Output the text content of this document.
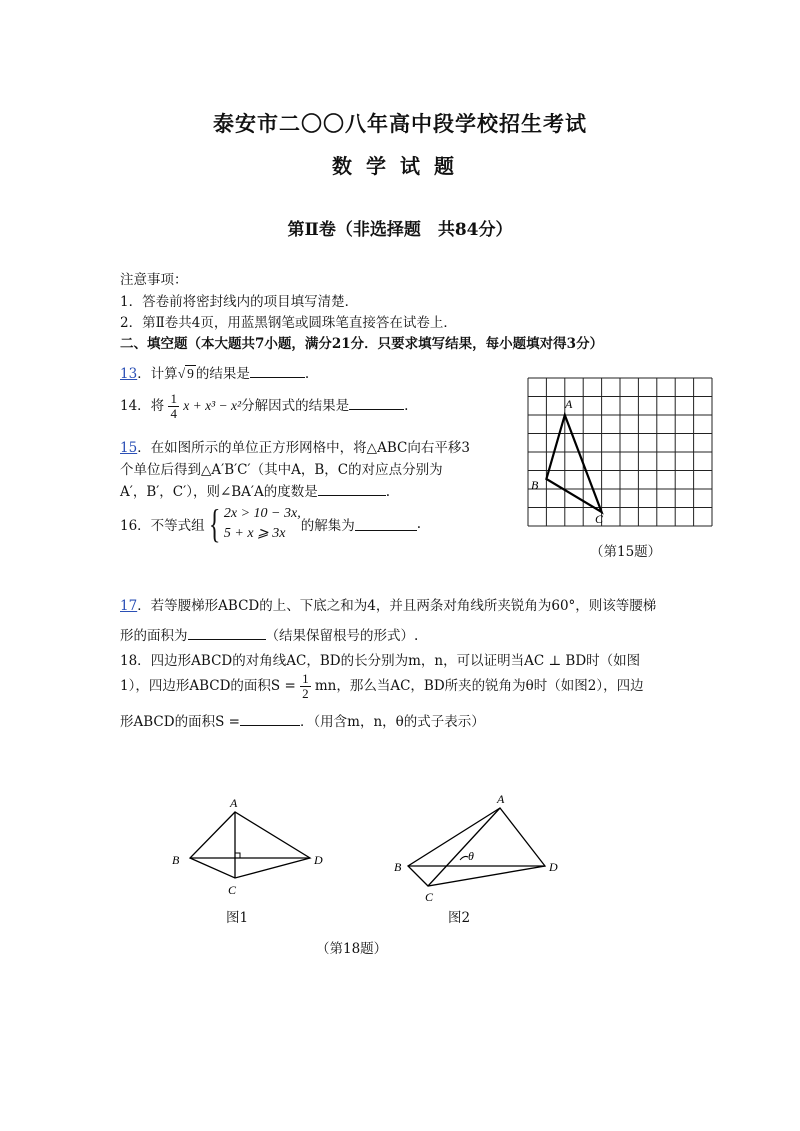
泰安市二〇〇八年高中段学校招生考试
数学试题
第Ⅱ卷（非选择题　共84分）
注意事项：
1．答卷前将密封线内的项目填写清楚．
2．第Ⅱ卷共4页，用蓝黑钢笔或圆珠笔直接答在试卷上．
二、填空题（本大题共7小题，满分21分．只要求填写结果，每小题填对得3分）
13．计算√ 9 的结果是	.
14．将 $\frac{1}{4}$ x + x³ − x²分解因式的结果是	.
15．在如图所示的单位正方形网格中，将△ABC向右平移3
个单位后得到△A′B′C′（其中A，B，C的对应点分别为
A′，B′，C′），则∠BA′A的度数是	.
16．不等式组{ 2x > 10 − 3x,
5 + x ⩾ 3x	的解集为	.
A
B
C
（第15题）
17．若等腰梯形ABCD的上、下底之和为4，并且两条对角线所夹锐角为60°，则该等腰梯
形的面积为	（结果保留根号的形式）.
18．四边形ABCD的对角线AC，BD的长分别为m，n，可以证明当AC ⊥ BD时（如图
1），四边形ABCD的面积$S = \frac{1}{2}$ mn，那么当AC，BD所夹的锐角为θ时（如图2），四边
形ABCD的面积S =	．（用含m，n，θ的式子表示）
A
B
C
D
A
B
C
D
θ
图1	图2
（第18题）
